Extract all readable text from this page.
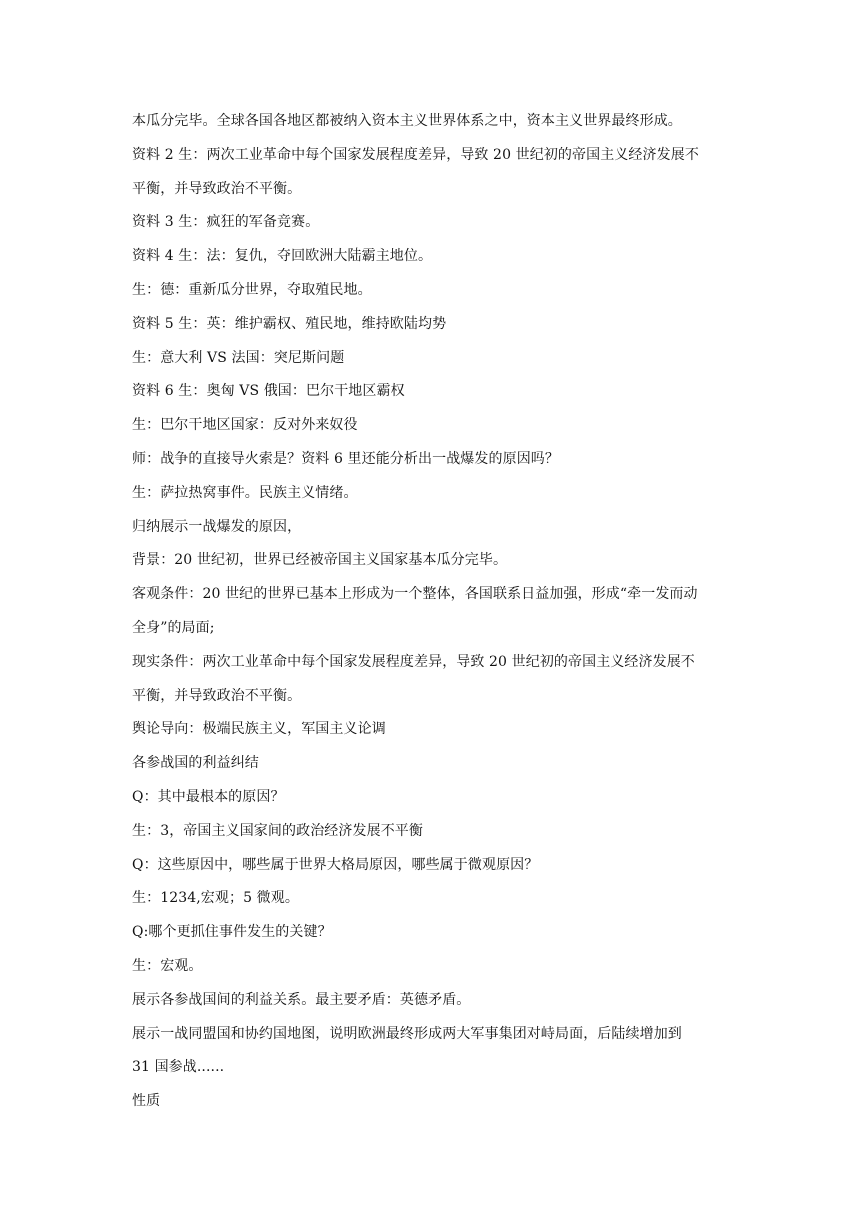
本瓜分完毕。全球各国各地区都被纳入资本主义世界体系之中，资本主义世界最终形成。
资料 2 生：两次工业革命中每个国家发展程度差异，导致 20 世纪初的帝国主义经济发展不
平衡，并导致政治不平衡。
资料 3 生：疯狂的军备竞赛。
资料 4 生：法：复仇，夺回欧洲大陆霸主地位。
生：德：重新瓜分世界，夺取殖民地。
资料 5 生：英：维护霸权、殖民地，维持欧陆均势
生：意大利 VS 法国：突尼斯问题
资料 6 生：奥匈 VS 俄国：巴尔干地区霸权
生：巴尔干地区国家：反对外来奴役
师：战争的直接导火索是？资料 6 里还能分析出一战爆发的原因吗？
生：萨拉热窝事件。民族主义情绪。
归纳展示一战爆发的原因，
背景：20 世纪初，世界已经被帝国主义国家基本瓜分完毕。
客观条件：20 世纪的世界已基本上形成为一个整体，各国联系日益加强，形成“牵一发而动
全身”的局面;
现实条件：两次工业革命中每个国家发展程度差异，导致 20 世纪初的帝国主义经济发展不
平衡，并导致政治不平衡。
舆论导向：极端民族主义，军国主义论调
各参战国的利益纠结
Q：其中最根本的原因？
生：3，帝国主义国家间的政治经济发展不平衡
Q：这些原因中，哪些属于世界大格局原因，哪些属于微观原因？
生：1234,宏观；5 微观。
Q:哪个更抓住事件发生的关键？
生：宏观。
展示各参战国间的利益关系。最主要矛盾：英德矛盾。
展示一战同盟国和协约国地图，说明欧洲最终形成两大军事集团对峙局面，后陆续增加到
31 国参战......
性质
